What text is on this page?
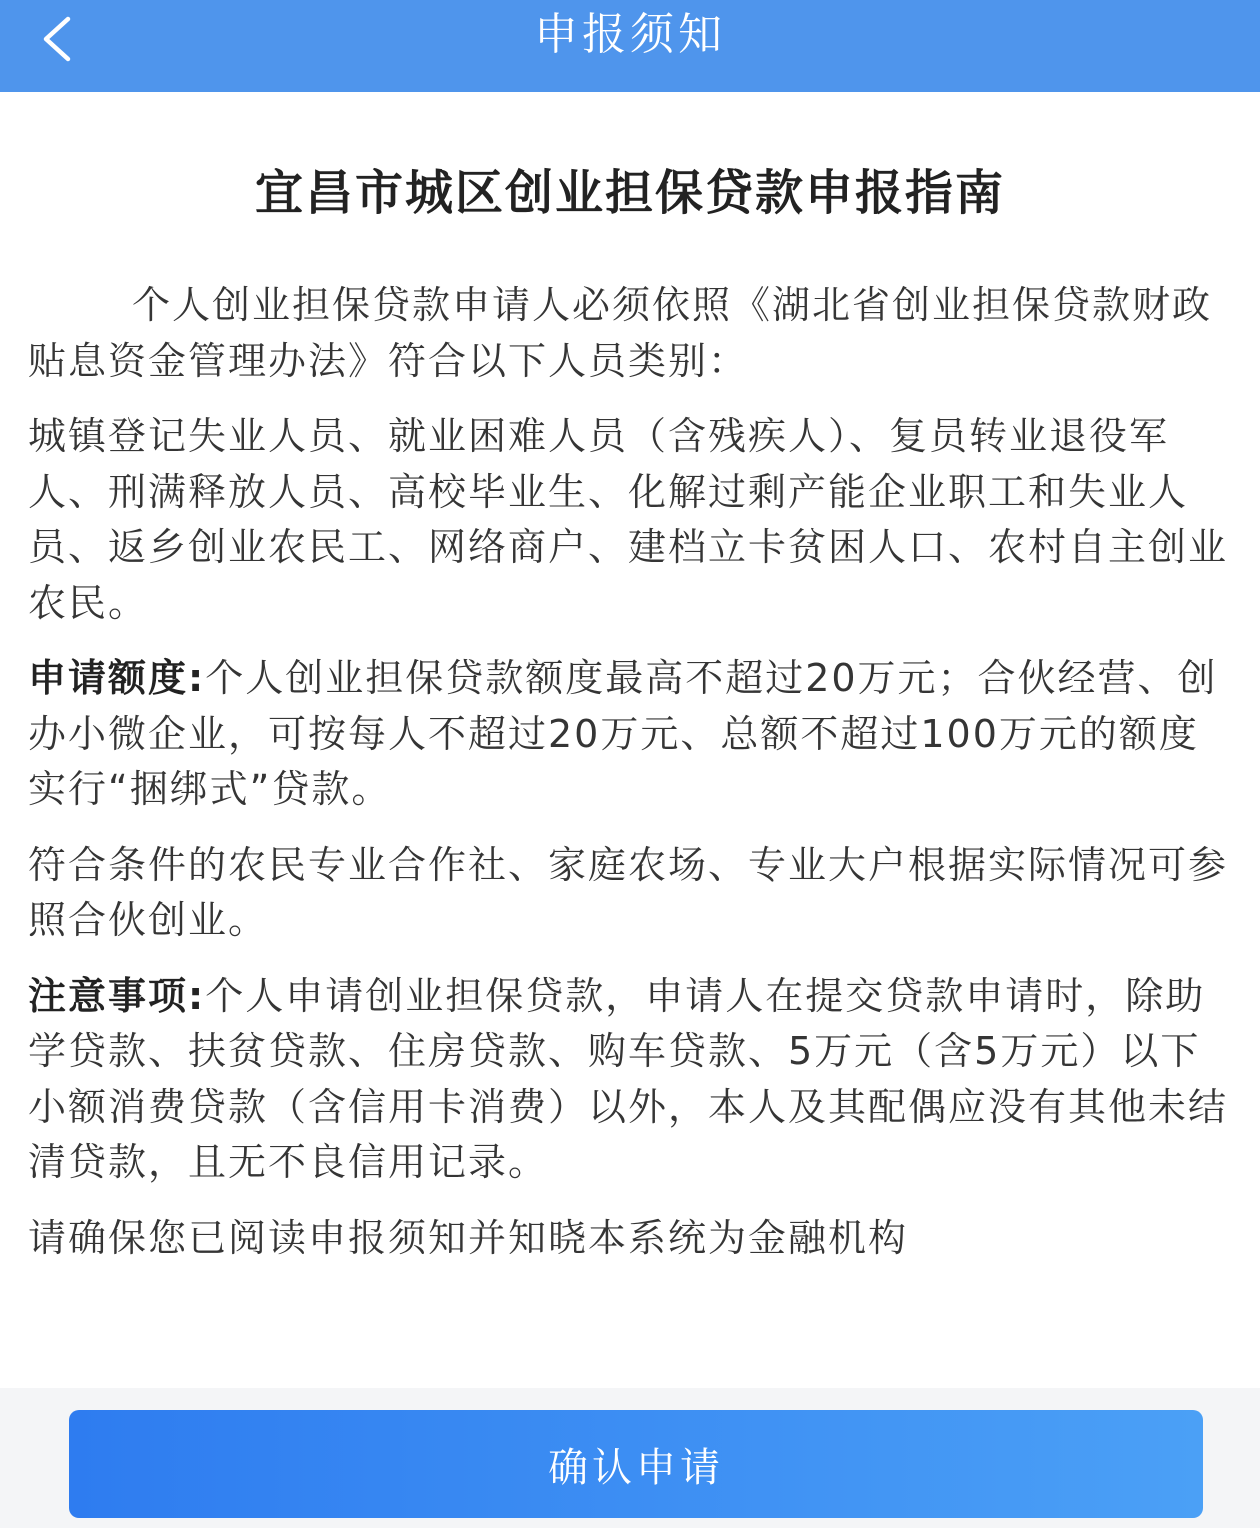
申报须知
宜昌市城区创业担保贷款申报指南

个人创业担保贷款申请人必须依照《湖北省创业担保贷款财政贴息资金管理办法》符合以下人员类别：

城镇登记失业人员、就业困难人员（含残疾人）、复员转业退役军人、刑满释放人员、高校毕业生、化解过剩产能企业职工和失业人员、返乡创业农民工、网络商户、建档立卡贫困人口、农村自主创业农民。

申请额度:个人创业担保贷款额度最高不超过20万元；合伙经营、创办小微企业，可按每人不超过20万元、总额不超过100万元的额度实行“捆绑式”贷款。

符合条件的农民专业合作社、家庭农场、专业大户根据实际情况可参照合伙创业。

注意事项:个人申请创业担保贷款，申请人在提交贷款申请时，除助学贷款、扶贫贷款、住房贷款、购车贷款、5万元（含5万元）以下小额消费贷款（含信用卡消费）以外，本人及其配偶应没有其他未结清贷款，且无不良信用记录。

请确保您已阅读申报须知并知晓本系统为金融机构

确认申请
